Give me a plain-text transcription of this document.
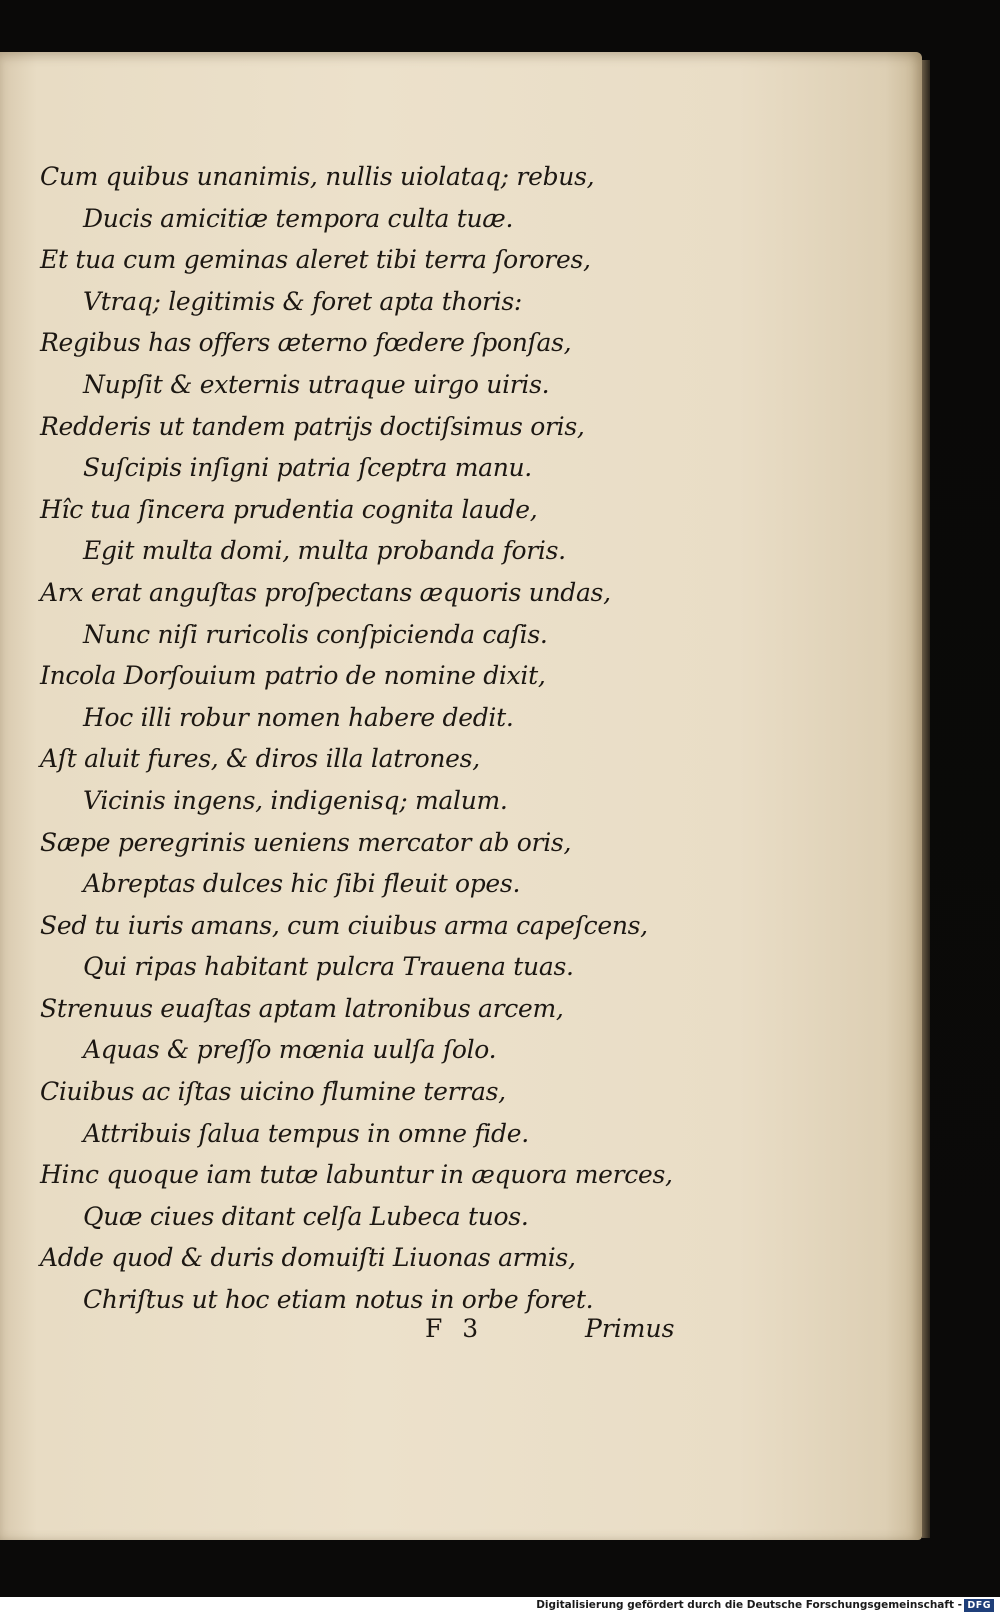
Cum quibus unanimis, nullis uiolataq; rebus,
Ducis amicitiæ tempora culta tuæ.
Et tua cum geminas aleret tibi terra ſorores,
Vtraq; legitimis & foret apta thoris:
Regibus has offers æterno fœdere ſponſas,
Nupſit & externis utraque uirgo uiris.
Redderis ut tandem patrijs doctiſsimus oris,
Suſcipis inſigni patria ſceptra manu.
Hîc tua ſincera prudentia cognita laude,
Egit multa domi, multa probanda foris.
Arx erat anguſtas proſpectans æquoris undas,
Nunc niſi ruricolis conſpicienda caſis.
Incola Dorſouium patrio de nomine dixit,
Hoc illi robur nomen habere dedit.
Aſt aluit fures, & diros illa latrones,
Vicinis ingens, indigenisq; malum.
Sæpe peregrinis ueniens mercator ab oris,
Abreptas dulces hic ſibi fleuit opes.
Sed tu iuris amans, cum ciuibus arma capeſcens,
Qui ripas habitant pulcra Trauena tuas.
Strenuus euaſtas aptam latronibus arcem,
Aquas & preſſo mœnia uulſa ſolo.
Ciuibus ac iſtas uicino flumine terras,
Attribuis ſalua tempus in omne fide.
Hinc quoque iam tutæ labuntur in æquora merces,
Quæ ciues ditant celſa Lubeca tuos.
Adde quod & duris domuiſti Liuonas armis,
Chriſtus ut hoc etiam notus in orbe foret.
F 3	Primus
Digitalisierung gefördert durch die Deutsche Forschungsgemeinschaft - DFG
